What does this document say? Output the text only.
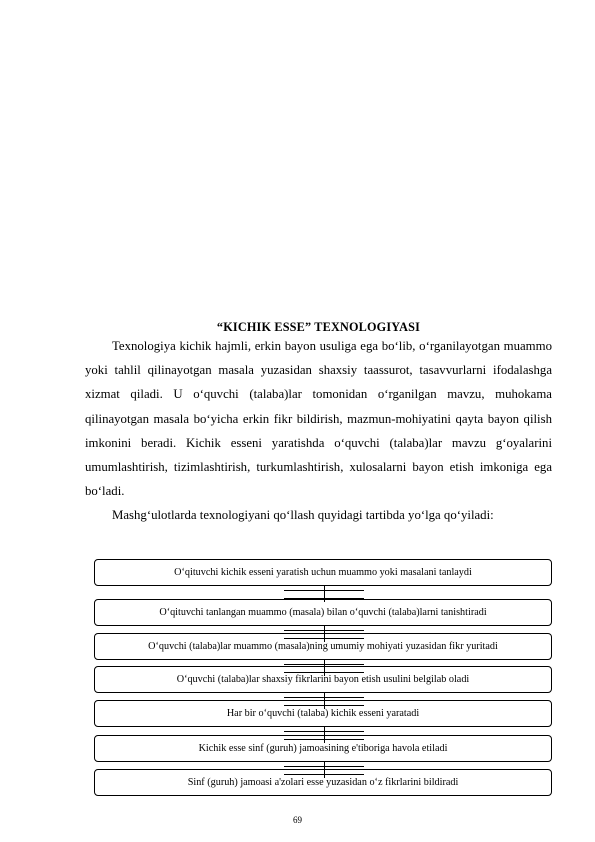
“KICHIK ESSE” TEXNOLOGIYASI

Texnologiya kichik hajmli, erkin bayon usuliga ega bo‘lib, o‘rganilayotgan muammo yoki tahlil qilinayotgan masala yuzasidan shaxsiy taassurot, tasavvurlarni ifodalashga xizmat qiladi. U o‘quvchi (talaba)lar tomonidan o‘rganilgan mavzu, muhokama qilinayotgan masala bo‘yicha erkin fikr bildirish, mazmun-mohiyatini qayta bayon qilish imkonini beradi. Kichik esseni yaratishda o‘quvchi (talaba)lar mavzu g‘oyalarini umumlashtirish, tizimlashtirish, turkumlashtirish, xulosalarni bayon etish imkoniga ega bo‘ladi.

Mashg‘ulotlarda texnologiyani qo‘llash quyidagi tartibda yo‘lga qo‘yiladi:

O‘qituvchi kichik esseni yaratish uchun muammo yoki masalani tanlaydi
O‘qituvchi tanlangan muammo (masala) bilan o‘quvchi (talaba)larni tanishtiradi
O‘quvchi (talaba)lar muammo (masala)ning umumiy mohiyati yuzasidan fikr yuritadi
O‘quvchi (talaba)lar shaxsiy fikrlarini bayon etish usulini belgilab oladi
Har bir o‘quvchi (talaba) kichik esseni yaratadi
Kichik esse sinf (guruh) jamoasining e'tiboriga havola etiladi
Sinf (guruh) jamoasi a'zolari esse yuzasidan o‘z fikrlarini bildiradi
69
